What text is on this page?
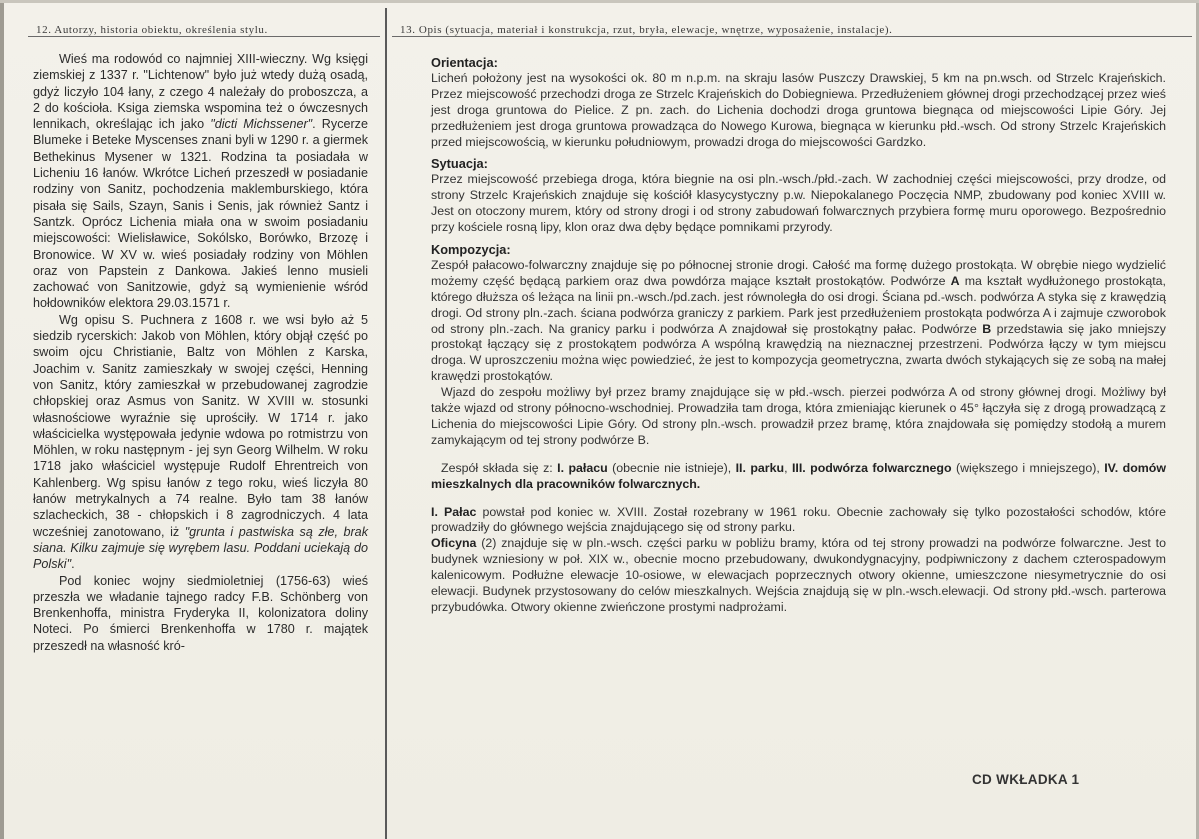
12. Autorzy, historia obiektu, określenia stylu.	13. Opis (sytuacja, materiał i konstrukcja, rzut, bryła, elewacje, wnętrze, wyposażenie, instalacje).

Wieś ma rodowód co najmniej XIII-wieczny. Wg księgi ziemskiej z 1337 r. "Lichtenow" było już wtedy dużą osadą, gdyż liczyło 104 łany, z czego 4 należały do proboszcza, a 2 do kościoła. Ksiga ziemska wspomina też o ówczesnych lennikach, określając ich jako "dicti Michssener". Rycerze Blumeke i Beteke Myscenses znani byli w 1290 r. a giermek Bethekinus Mysener w 1321. Rodzina ta posiadała w Licheniu 16 łanów. Wkrótce Licheń przeszedł w posiadanie rodziny von Sanitz, pochodzenia maklemburskiego, która pisała się Sails, Szayn, Sanis i Senis, jak również Santz i Santzk. Oprócz Lichenia miała ona w swoim posiadaniu miejscowości: Wielisławice, Sokólsko, Borówko, Brzozę i Bronowice. W XV w. wieś posiadały rodziny von Möhlen oraz von Papstein z Dankowa. Jakieś lenno musieli zachować von Sanitzowie, gdyż są wymienienie wśród hołdowników elektora 29.03.1571 r.

Wg opisu S. Puchnera z 1608 r. we wsi było aż 5 siedzib rycerskich: Jakob von Möhlen, który objął część po swoim ojcu Christianie, Baltz von Möhlen z Karska, Joachim v. Sanitz zamieszkały w swojej części, Henning von Sanitz, który zamieszkał w przebudowanej zagrodzie chłopskiej oraz Asmus von Sanitz. W XVIII w. stosunki własnościowe wyraźnie się uprościły. W 1714 r. jako właścicielka występowała jedynie wdowa po rotmistrzu von Möhlen, w roku następnym - jej syn Georg Wilhelm. W roku 1718 jako właściciel występuje Rudolf Ehrentreich von Kahlenberg. Wg spisu łanów z tego roku, wieś liczyła 80 łanów metrykalnych a 74 realne. Było tam 38 łanów szlacheckich, 38 - chłopskich i 8 zagrodniczych. 4 lata wcześniej zanotowano, iż "grunta i pastwiska są złe, brak siana. Kilku zajmuje się wyrębem lasu. Poddani uciekają do Polski".

Pod koniec wojny siedmioletniej (1756-63) wieś przeszła we władanie tajnego radcy F.B. Schönberg von Brenkenhoffa, ministra Fryderyka II, kolonizatora doliny Noteci. Po śmierci Brenkenhoffa w 1780 r. majątek przeszedł na własność kró-

Orientacja:

Licheń położony jest na wysokości ok. 80 m n.p.m. na skraju lasów Puszczy Drawskiej, 5 km na pn.wsch. od Strzelc Krajeńskich. Przez miejscowość przechodzi droga ze Strzelc Krajeńskich do Dobiegniewa. Przedłużeniem głównej drogi przechodzącej przez wieś jest droga gruntowa do Pielice. Z pn. zach. do Lichenia dochodzi droga gruntowa biegnąca od miejscowości Lipie Góry. Jej przedłużeniem jest droga gruntowa prowadząca do Nowego Kurowa, biegnąca w kierunku płd.-wsch. Od strony Strzelc Krajeńskich przed miejscowością, w kierunku południowym, prowadzi droga do miejscowości Gardzko.

Sytuacja:

Przez miejscowość przebiega droga, która biegnie na osi pln.-wsch./płd.-zach. W zachodniej części miejscowości, przy drodze, od strony Strzelc Krajeńskich znajduje się kościół klasycystyczny p.w. Niepokalanego Poczęcia NMP, zbudowany pod koniec XVIII w. Jest on otoczony murem, który od strony drogi i od strony zabudowań folwarcznych przybiera formę muru oporowego. Bezpośrednio przy kościele rosną lipy, klon oraz dwa dęby będące pomnikami przyrody.

Kompozycja:

Zespół pałacowo-folwarczny znajduje się po północnej stronie drogi. Całość ma formę dużego prostokąta. W obrębie niego wydzielić możemy część będącą parkiem oraz dwa powdórza mające kształt prostokątów. Podwórze A ma kształt wydłużonego prostokąta, którego dłuższa oś leżąca na linii pn.-wsch./pd.zach. jest równoległa do osi drogi. Ściana pd.-wsch. podwórza A styka się z krawędzią drogi. Od strony pln.-zach. ściana podwórza graniczy z parkiem. Park jest przedłużeniem prostokąta podwórza A i zajmuje czworobok od strony pln.-zach. Na granicy parku i podwórza A znajdował się prostokątny pałac. Podwórze B przedstawia się jako mniejszy prostokąt łączący się z prostokątem podwórza A wspólną krawędzią na nieznacznej przestrzeni. Podwórza łączy w tym miejscu droga. W uproszczeniu można więc powiedzieć, że jest to kompozycja geometryczna, zwarta dwóch stykających się ze sobą na małej krawędzi prostokątów.

Wjazd do zespołu możliwy był przez bramy znajdujące się w płd.-wsch. pierzei podwórza A od strony głównej drogi. Możliwy był także wjazd od strony północno-wschodniej. Prowadziła tam droga, która zmieniając kierunek o 45° łączyła się z drogą prowadzącą z Lichenia do miejscowości Lipie Góry. Od strony pln.-wsch. prowadził przez bramę, która znajdowała się pomiędzy stodołą a murem zamykającym od tej strony podwórze B.

Zespół składa się z: I. pałacu (obecnie nie istnieje), II. parku, III. podwórza folwarcznego (większego i mniejszego), IV. domów mieszkalnych dla pracowników folwarcznych.

I. Pałac powstał pod koniec w. XVIII. Został rozebrany w 1961 roku. Obecnie zachowały się tylko pozostałości schodów, które prowadziły do głównego wejścia znajdującego się od strony parku.

Oficyna (2) znajduje się w pln.-wsch. części parku w pobliżu bramy, która od tej strony prowadzi na podwórze folwarczne. Jest to budynek wzniesiony w poł. XIX w., obecnie mocno przebudowany, dwukondygnacyjny, podpiwniczony z dachem czterospadowym kalenicowym. Podłużne elewacje 10-osiowe, w elewacjach poprzecznych otwory okienne, umieszczone niesymetrycznie do osi elewacji. Budynek przystosowany do celów mieszkalnych. Wejścia znajdują się w pln.-wsch.elewacji. Od strony płd.-wsch. parterowa przybudówka. Otwory okienne zwieńczone prostymi nadprożami.

CD WKŁADKA 1
